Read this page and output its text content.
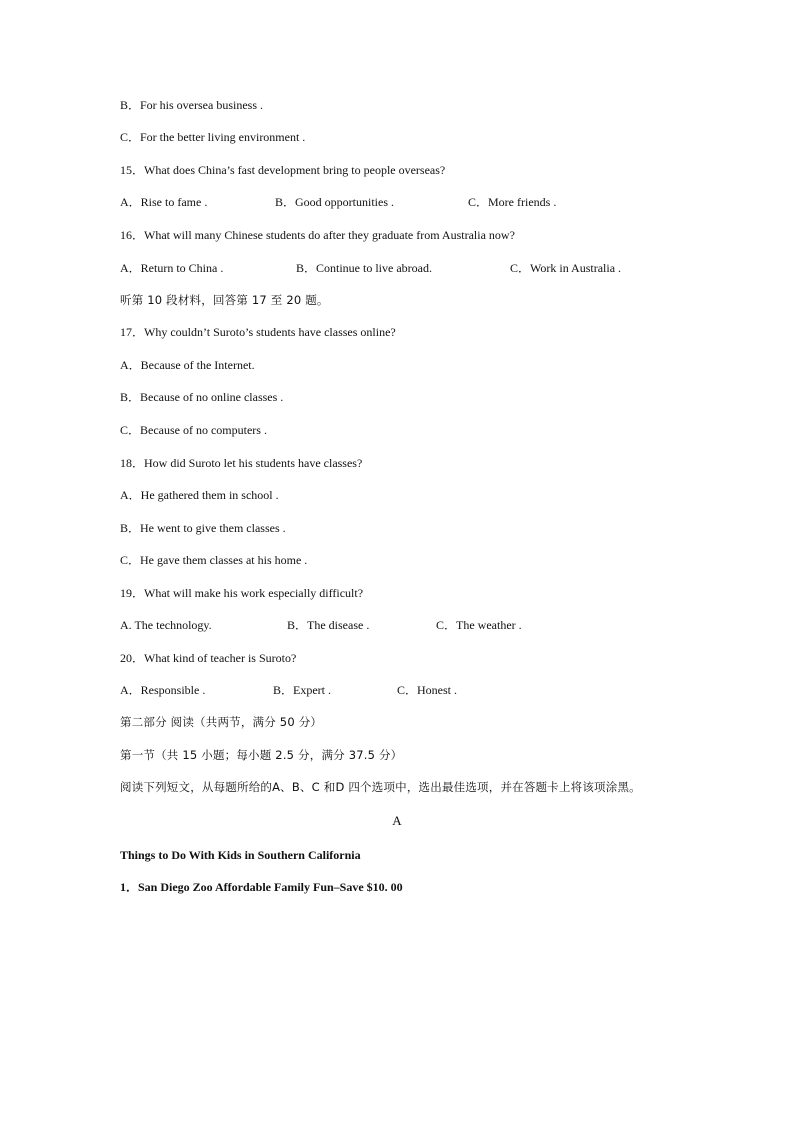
B．For his oversea business .
C．For the better living environment .
15．What does China’s fast development bring to people overseas?
A．Rise to fame .	B．Good opportunities .	C．More friends .
16．What will many Chinese students do after they graduate from Australia now?
A．Return to China .	B．Continue to live abroad.	C．Work in Australia .
听第 10 段材料，回答第 17 至 20 题。
17．Why couldn’t Suroto’s students have classes online?
A．Because of the Internet.
B．Because of no online classes .
C．Because of no computers .
18．How did Suroto let his students have classes?
A．He gathered them in school .
B．He went to give them classes .
C．He gave them classes at his home .
19．What will make his work especially difficult?
A. The technology.	B．The disease .	C．The weather .
20．What kind of teacher is Suroto?
A．Responsible .	B．Expert .	C．Honest .
第二部分 阅读（共两节，满分 50 分）
第一节（共 15 小题；每小题 2.5 分，满分 37.5 分）
阅读下列短文，从每题所给的A、B、C 和D 四个选项中，选出最佳选项，并在答题卡上将该项涂黑。
A
Things to Do With Kids in Southern California
1．San Diego Zoo Affordable Family Fun–Save $10. 00
